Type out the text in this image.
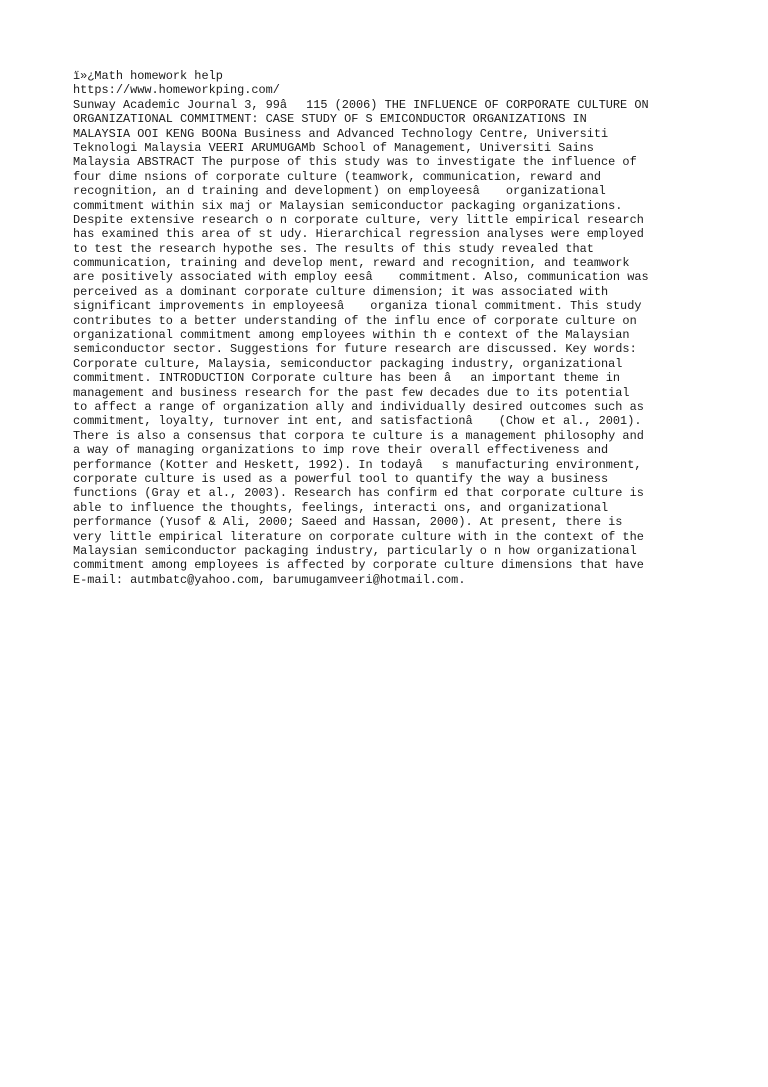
ï»¿Math homework help
https://www.homeworkping.com/
Sunway Academic Journal 3, 99â115 (2006) THE INFLUENCE OF CORPORATE CULTURE ON
ORGANIZATIONAL COMMITMENT: CASE STUDY OF S EMICONDUCTOR ORGANIZATIONS IN
MALAYSIA OOI KENG BOONa Business and Advanced Technology Centre, Universiti
Teknologi Malaysia VEERI ARUMUGAMb School of Management, Universiti Sains
Malaysia ABSTRACT The purpose of this study was to investigate the influence of
four dime nsions of corporate culture (teamwork, communication, reward and
recognition, an d training and development) on employeesâ organizational
commitment within six maj or Malaysian semiconductor packaging organizations.
Despite extensive research o n corporate culture, very little empirical research
has examined this area of st udy. Hierarchical regression analyses were employed
to test the research hypothe ses. The results of this study revealed that
communication, training and develop ment, reward and recognition, and teamwork
are positively associated with employ eesâ commitment. Also, communication was
perceived as a dominant corporate culture dimension; it was associated with
significant improvements in employeesâ organiza tional commitment. This study
contributes to a better understanding of the influ ence of corporate culture on
organizational commitment among employees within th e context of the Malaysian
semiconductor sector. Suggestions for future research are discussed. Key words:
Corporate culture, Malaysia, semiconductor packaging industry, organizational
commitment. INTRODUCTION Corporate culture has been âan important theme in
management and business research for the past few decades due to its potential
to affect a range of organization ally and individually desired outcomes such as
commitment, loyalty, turnover int ent, and satisfactionâ (Chow et al., 2001).
There is also a consensus that corpora te culture is a management philosophy and
a way of managing organizations to imp rove their overall effectiveness and
performance (Kotter and Heskett, 1992). In todayâs manufacturing environment,
corporate culture is used as a powerful tool to quantify the way a business
functions (Gray et al., 2003). Research has confirm ed that corporate culture is
able to influence the thoughts, feelings, interacti ons, and organizational
performance (Yusof & Ali, 2000; Saeed and Hassan, 2000). At present, there is
very little empirical literature on corporate culture with in the context of the
Malaysian semiconductor packaging industry, particularly o n how organizational
commitment among employees is affected by corporate culture dimensions that have
E-mail: autmbatc@yahoo.com, barumugamveeri@hotmail.com.
